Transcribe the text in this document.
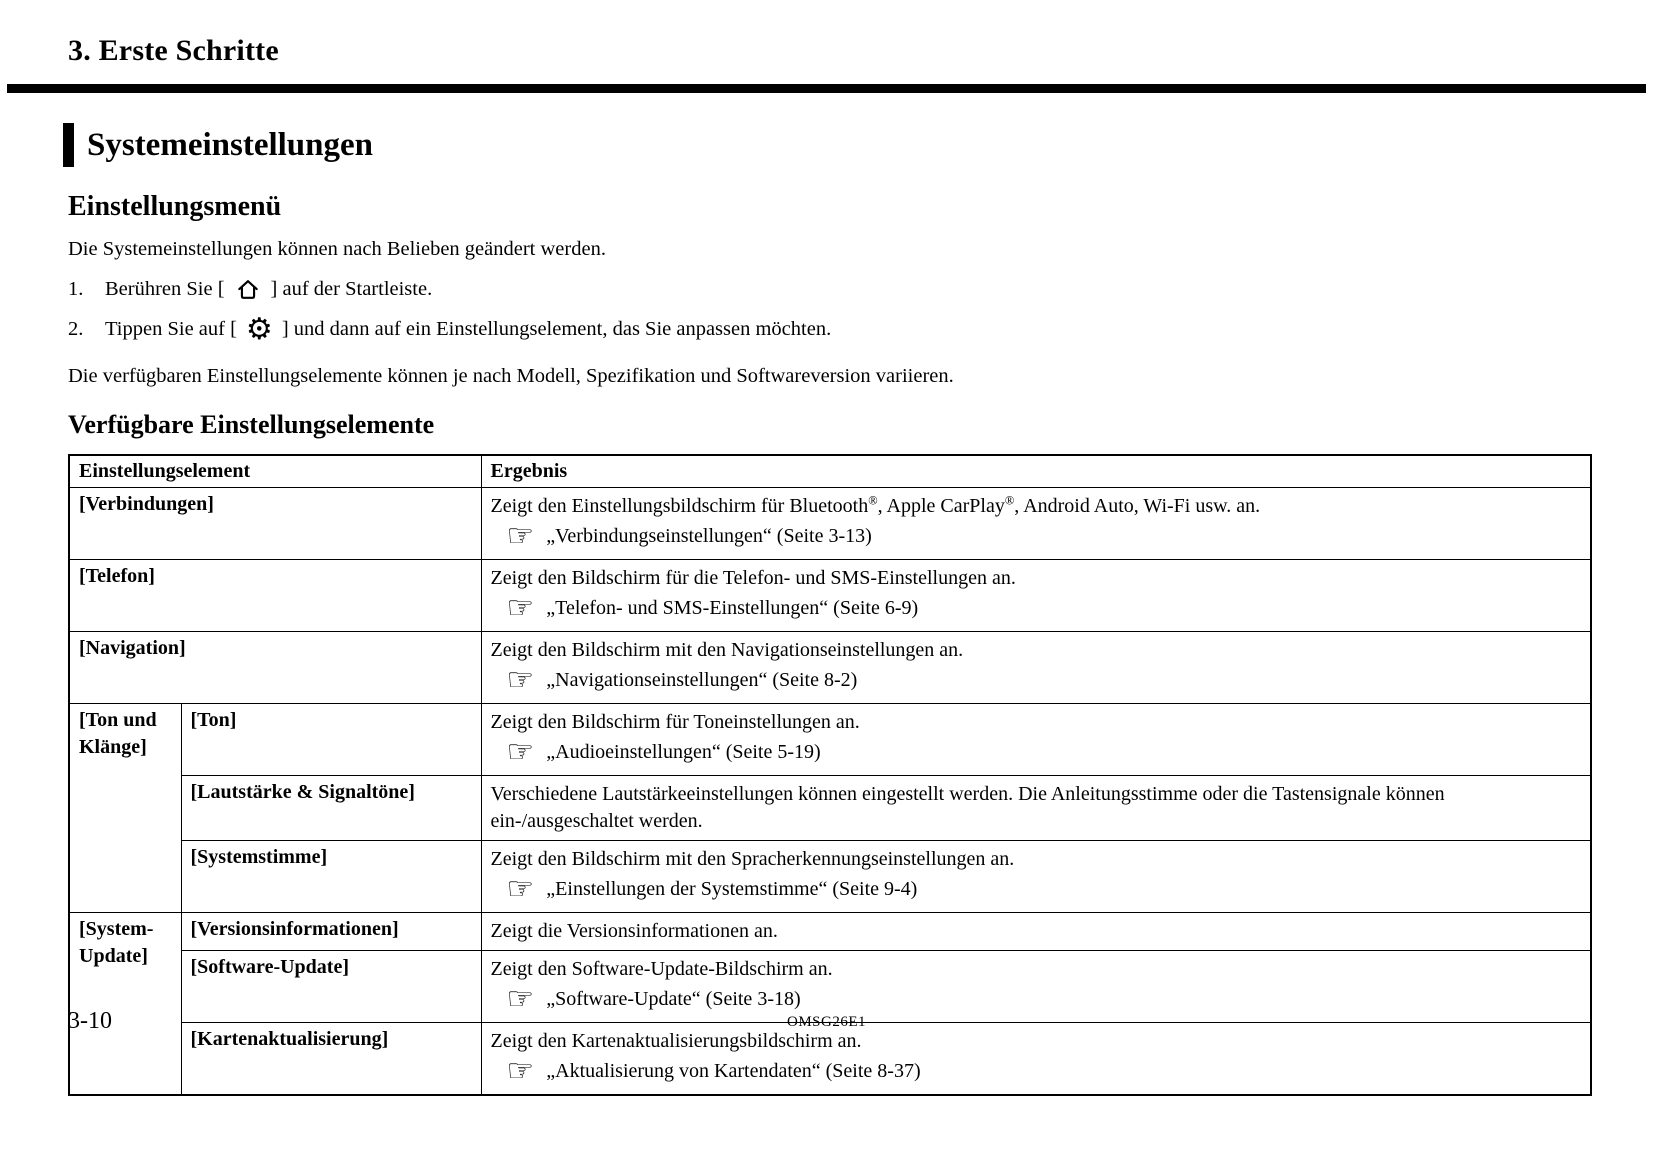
3. Erste Schritte
Systemeinstellungen
Einstellungsmenü
Die Systemeinstellungen können nach Belieben geändert werden.
1.	Berühren Sie [ ] auf der Startleiste.
2.	Tippen Sie auf [ ⚙ ] und dann auf ein Einstellungselement, das Sie anpassen möchten.
Die verfügbaren Einstellungselemente können je nach Modell, Spezifikation und Softwareversion variieren.
Verfügbare Einstellungselemente
Einstellungselement		Ergebnis
[Verbindungen]		Zeigt den Einstellungsbildschirm für Bluetooth®, Apple CarPlay®, Android Auto, Wi-Fi usw. an.
☞ „Verbindungseinstellungen“ (Seite 3-13)

[Telefon]		Zeigt den Bildschirm für die Telefon- und SMS-Einstellungen an.
☞ „Telefon- und SMS-Einstellungen“ (Seite 6-9)

[Navigation]		Zeigt den Bildschirm mit den Navigationseinstellungen an.
☞ „Navigationseinstellungen“ (Seite 8-2)

[Ton und Klänge]	[Ton]	Zeigt den Bildschirm für Toneinstellungen an.
☞ „Audioeinstellungen“ (Seite 5-19)

	[Lautstärke & Signaltöne]	Verschiedene Lautstärkeeinstellungen können eingestellt werden. Die Anleitungsstimme oder die Tastensignale können ein-/ausgeschaltet werden.

	[Systemstimme]	Zeigt den Bildschirm mit den Spracherkennungseinstellungen an.
☞ „Einstellungen der Systemstimme“ (Seite 9-4)

[System-Update]	[Versionsinformationen]	Zeigt die Versionsinformationen an.

	[Software-Update]	Zeigt den Software-Update-Bildschirm an.
☞ „Software-Update“ (Seite 3-18)

	[Kartenaktualisierung]	Zeigt den Kartenaktualisierungsbildschirm an.
☞ „Aktualisierung von Kartendaten“ (Seite 8-37)
3-10	OMSG26E1
